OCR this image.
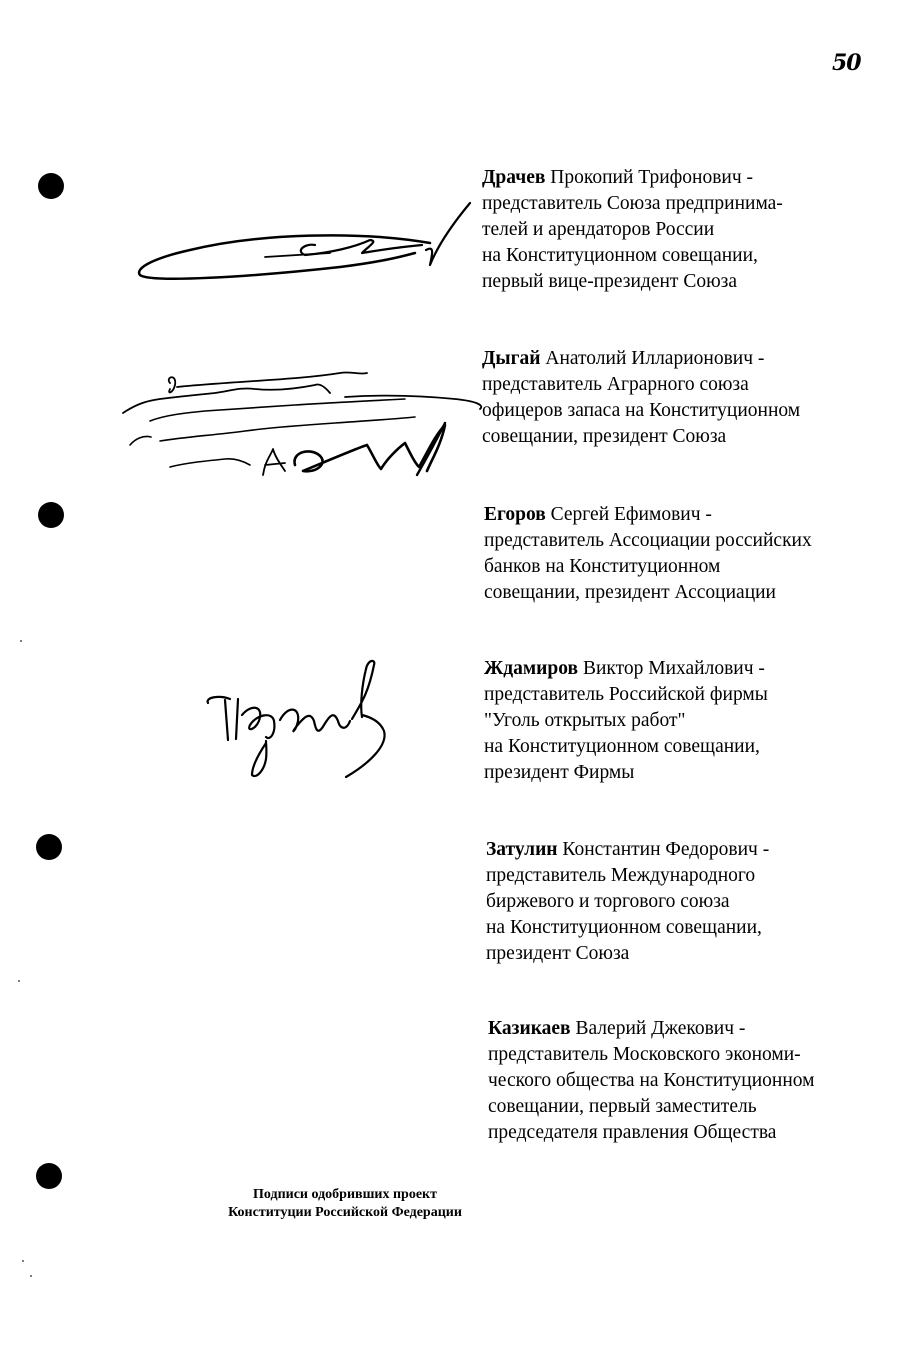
50
Драчев Прокопий Трифонович -
представитель Союза предпринима-
телей и арендаторов России
на Конституционном совещании,
первый вице-президент Союза
Дыгай Анатолий Илларионович -
представитель Аграрного союза
офицеров запаса на Конституционном
совещании, президент Союза
Егоров Сергей Ефимович -
представитель Ассоциации российских
банков на Конституционном
совещании, президент Ассоциации
Ждамиров Виктор Михайлович -
представитель Российской фирмы
"Уголь открытых работ"
на Конституционном совещании,
президент Фирмы
Затулин Константин Федорович -
представитель Международного
биржевого и торгового союза
на Конституционном совещании,
президент Союза
Казикаев Валерий Джекович -
представитель Московского экономи-
ческого общества на Конституционном
совещании, первый заместитель
председателя правления Общества
Подписи одобривших проект
Конституции Российской Федерации
